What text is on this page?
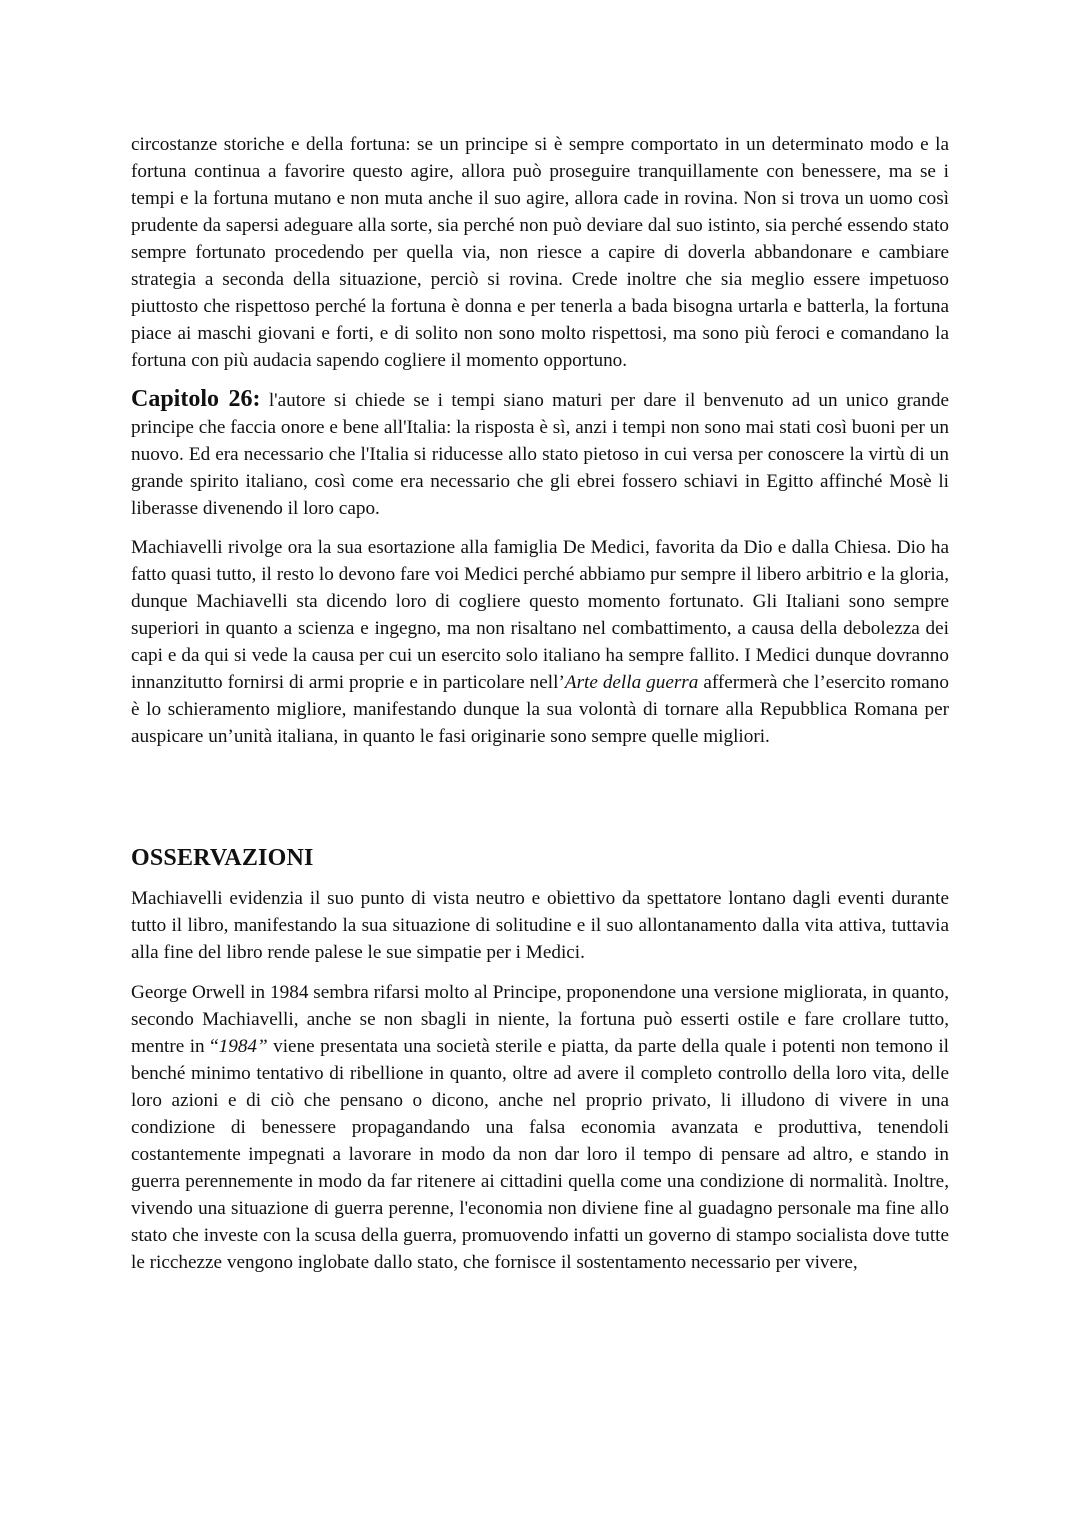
circostanze storiche e della fortuna: se un principe si è sempre comportato in un determinato modo e la fortuna continua a favorire questo agire, allora può proseguire tranquillamente con benessere, ma se i tempi e la fortuna mutano e non muta anche il suo agire, allora cade in rovina. Non si trova un uomo così prudente da sapersi adeguare alla sorte, sia perché non può deviare dal suo istinto, sia perché essendo stato sempre fortunato procedendo per quella via, non riesce a capire di doverla abbandonare e cambiare strategia a seconda della situazione, perciò si rovina. Crede inoltre che sia meglio essere impetuoso piuttosto che rispettoso perché la fortuna è donna e per tenerla a bada bisogna urtarla e batterla, la fortuna piace ai maschi giovani e forti, e di solito non sono molto rispettosi, ma sono più feroci e comandano la fortuna con più audacia sapendo cogliere il momento opportuno.

Capitolo 26: l'autore si chiede se i tempi siano maturi per dare il benvenuto ad un unico grande principe che faccia onore e bene all'Italia: la risposta è sì, anzi i tempi non sono mai stati così buoni per un nuovo. Ed era necessario che l'Italia si riducesse allo stato pietoso in cui versa per conoscere la virtù di un grande spirito italiano, così come era necessario che gli ebrei fossero schiavi in Egitto affinché Mosè li liberasse divenendo il loro capo.

Machiavelli rivolge ora la sua esortazione alla famiglia De Medici, favorita da Dio e dalla Chiesa. Dio ha fatto quasi tutto, il resto lo devono fare voi Medici perché abbiamo pur sempre il libero arbitrio e la gloria, dunque Machiavelli sta dicendo loro di cogliere questo momento fortunato. Gli Italiani sono sempre superiori in quanto a scienza e ingegno, ma non risaltano nel combattimento, a causa della debolezza dei capi e da qui si vede la causa per cui un esercito solo italiano ha sempre fallito. I Medici dunque dovranno innanzitutto fornirsi di armi proprie e in particolare nell’Arte della guerra affermerà che l’esercito romano è lo schieramento migliore, manifestando dunque la sua volontà di tornare alla Repubblica Romana per auspicare un’unità italiana, in quanto le fasi originarie sono sempre quelle migliori.

OSSERVAZIONI

Machiavelli evidenzia il suo punto di vista neutro e obiettivo da spettatore lontano dagli eventi durante tutto il libro, manifestando la sua situazione di solitudine e il suo allontanamento dalla vita attiva, tuttavia alla fine del libro rende palese le sue simpatie per i Medici.

George Orwell in 1984 sembra rifarsi molto al Principe, proponendone una versione migliorata, in quanto, secondo Machiavelli, anche se non sbagli in niente, la fortuna può esserti ostile e fare crollare tutto, mentre in “1984” viene presentata una società sterile e piatta, da parte della quale i potenti non temono il benché minimo tentativo di ribellione in quanto, oltre ad avere il completo controllo della loro vita, delle loro azioni e di ciò che pensano o dicono, anche nel proprio privato, li illudono di vivere in una condizione di benessere propagandando una falsa economia avanzata e produttiva, tenendoli costantemente impegnati a lavorare in modo da non dar loro il tempo di pensare ad altro, e stando in guerra perennemente in modo da far ritenere ai cittadini quella come una condizione di normalità. Inoltre, vivendo una situazione di guerra perenne, l'economia non diviene fine al guadagno personale ma fine allo stato che investe con la scusa della guerra, promuovendo infatti un governo di stampo socialista dove tutte le ricchezze vengono inglobate dallo stato, che fornisce il sostentamento necessario per vivere,
